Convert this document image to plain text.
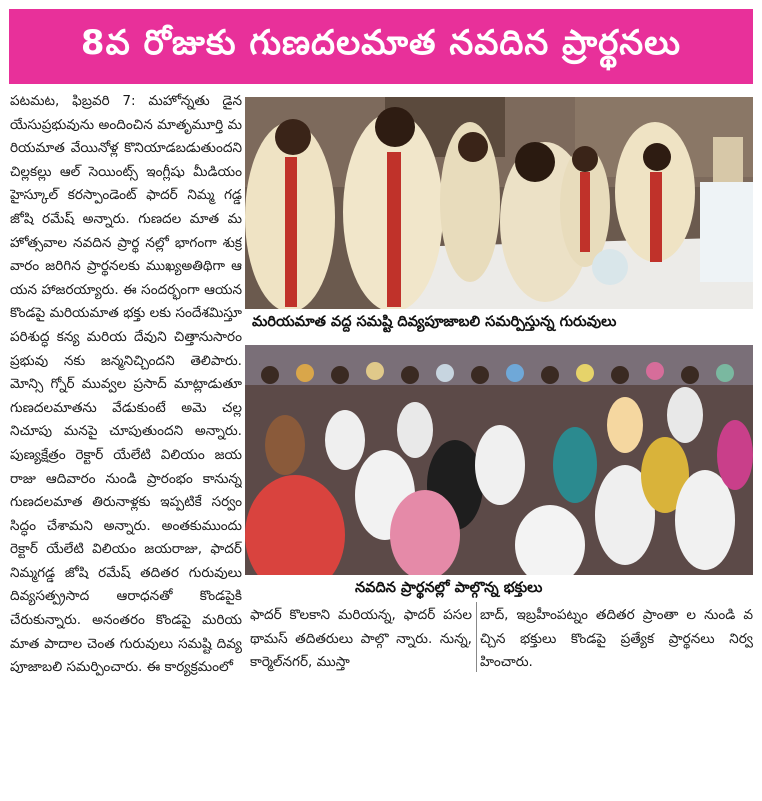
8వ రోజుకు గుణదలమాత నవదిన ప్రార్థనలు

పటమట, ఫిబ్రవరి 7: మహోన్నతు డైన యేసుప్రభువును అందించిన మాతృమూర్తి మరియమాత వేయినోళ్ల కొనియాడబడుతుందని చిల్లకల్లు ఆల్ సెయింట్స్ ఇంగ్లీషు మీడియం హైస్కూల్ కరస్పాండెంట్ ఫాదర్ నిమ్మ గడ్డ జోషి రమేష్ అన్నారు. గుణదల మాత మహోత్సవాల నవదిన ప్రార్థ నల్లో భాగంగా శుక్రవారం జరిగిన ప్రార్థనలకు ముఖ్యఅతిథిగా ఆయన హాజరయ్యారు. ఈ సందర్భంగా ఆయన కొండపై మరియమాత భక్తు లకు సందేశమిస్తూ పరిశుద్ధ కన్య మరియ దేవుని చిత్తానుసారం ప్రభువు నకు జన్మనిచ్చిందని తెలిపారు. మోన్సి గ్నోర్ మువ్వల ప్రసాద్ మాట్లాడుతూ గుణదలమాతను వేడుకుంటే అమె చల్లనిచూపు మనపై చూపుతుందని అన్నారు. పుణ్యక్షేత్రం రెక్టార్ యేలేటి విలియం జయరాజు ఆదివారం నుండి ప్రారంభం కానున్న గుణదలమాత తిరునాళ్లకు ఇప్పటికే సర్వం సిద్ధం చేశామని అన్నారు. అంతకుముందు రెక్టార్ యేలేటి విలియం జయరాజు, ఫాదర్ నిమ్మగడ్డ జోషి రమేష్ తదితర గురువులు దివ్యసత్ప్రసాద ఆరాధనతో కొండపైకి చేరుకున్నారు. అనంతరం కొండపై మరియమాత పాదాల చెంత గురువులు సమష్టి దివ్యపూజాబలి సమర్పించారు. ఈ కార్యక్రమంలో

మరియమాత వద్ద సమష్టి దివ్యపూజాబలి సమర్పిస్తున్న గురువులు
నవదిన ప్రార్థనల్లో పాల్గొన్న భక్తులు

ఫాదర్ కొలకాని మరియన్న, ఫాదర్ పసల థామస్ తదితరులు పాల్గొ న్నారు. నున్న, కార్మెల్‌నగర్, ముస్తా

బాద్, ఇబ్రహీంపట్నం తదితర ప్రాంతా ల నుండి వచ్చిన భక్తులు కొండపై ప్రత్యేక ప్రార్థనలు నిర్వహించారు.
